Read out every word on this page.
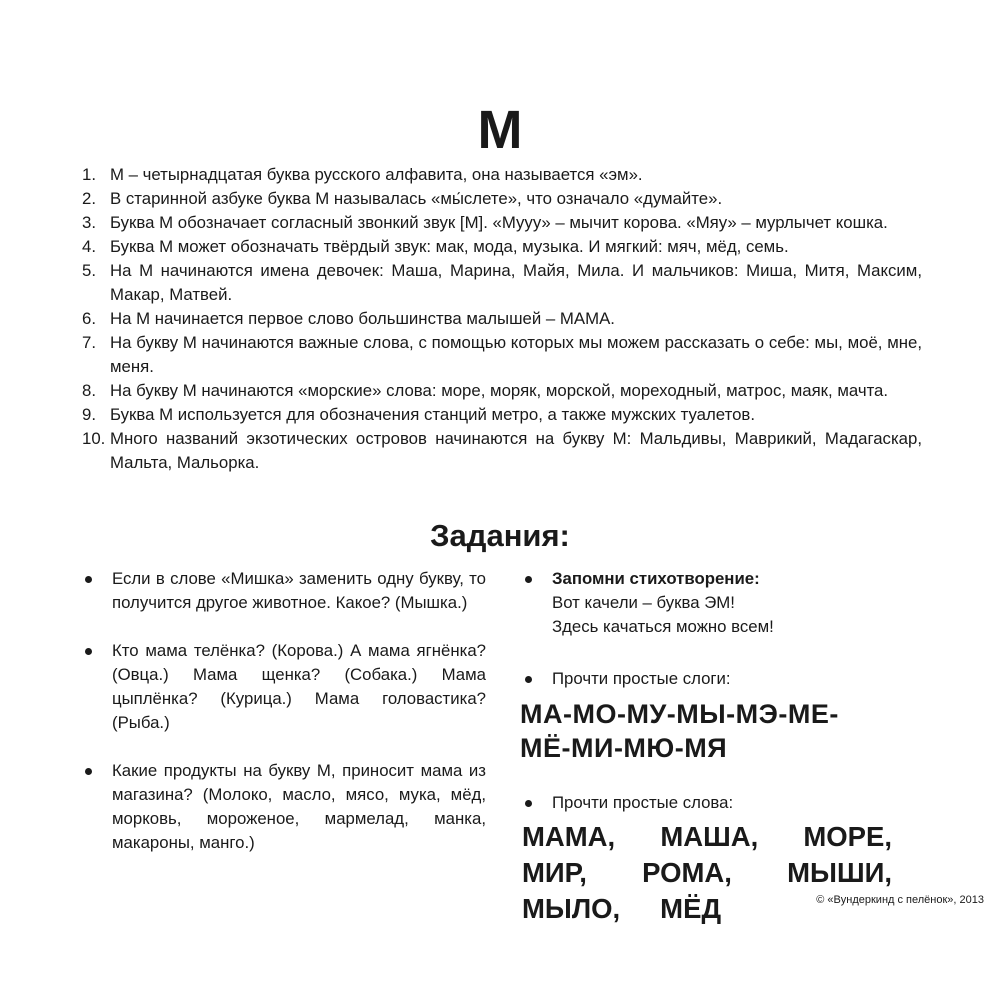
М
1. М – четырнадцатая буква русского алфавита, она называется «эм».
2. В старинной азбуке буква М называлась «мы́слете», что означало «думайте».
3. Буква М обозначает согласный звонкий звук [М]. «Мууу» – мычит корова. «Мяу» – мурлычет кошка.
4. Буква М может обозначать твёрдый звук: мак, мода, музыка. И мягкий: мяч, мёд, семь.
5. На М начинаются имена девочек: Маша, Марина, Майя, Мила. И мальчиков: Миша, Митя, Максим, Макар, Матвей.
6. На М начинается первое слово большинства малышей – МАМА.
7. На букву М начинаются важные слова, с помощью которых мы можем рассказать о себе: мы, моё, мне, меня.
8. На букву М начинаются «морские» слова: море, моряк, морской, мореходный, матрос, маяк, мачта.
9. Буква М используется для обозначения станций метро, а также мужских туалетов.
10. Много названий экзотических островов начинаются на букву М: Мальдивы, Маврикий, Мадагаскар, Мальта, Мальорка.
Задания:
Если в слове «Мишка» заменить одну букву, то получится другое животное. Какое? (Мышка.)
Кто мама телёнка? (Корова.) А мама ягнёнка? (Овца.) Мама щенка? (Собака.) Мама цыплёнка? (Курица.) Мама головастика? (Рыба.)
Какие продукты на букву М, приносит мама из магазина? (Молоко, масло, мясо, мука, мёд, морковь, мороженое, мармелад, манка, макароны, манго.)
Запомни стихотворение:
Вот качели – буква ЭМ!
Здесь качаться можно всем!
Прочти простые слоги:
МА-МО-МУ-МЫ-МЭ-МЕ-
МЁ-МИ-МЮ-МЯ
Прочти простые слова:
МАМА, МАША, МОРЕ,
МИР, РОМА, МЫШИ,
МЫЛО, МЁД	© «Вундеркинд с пелёнок», 2013
